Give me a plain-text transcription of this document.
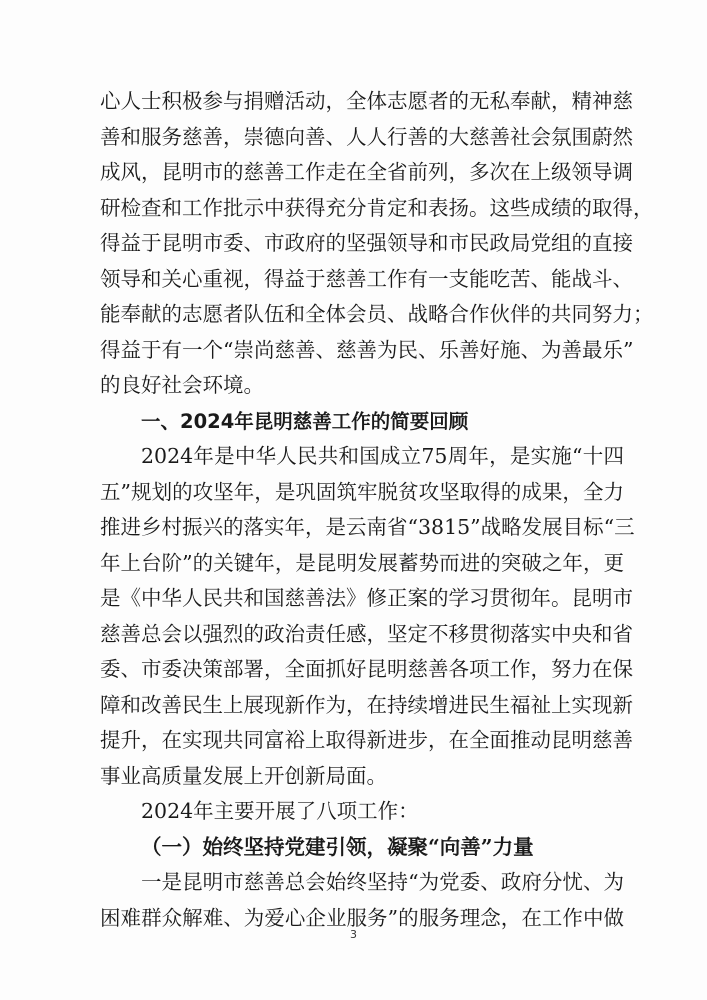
心人士积极参与捐赠活动，全体志愿者的无私奉献，精神慈
善和服务慈善，崇德向善、人人行善的大慈善社会氛围蔚然
成风，昆明市的慈善工作走在全省前列，多次在上级领导调
研检查和工作批示中获得充分肯定和表扬。这些成绩的取得，
得益于昆明市委、市政府的坚强领导和市民政局党组的直接
领导和关心重视，得益于慈善工作有一支能吃苦、能战斗、
能奉献的志愿者队伍和全体会员、战略合作伙伴的共同努力；
得益于有一个“崇尚慈善、慈善为民、乐善好施、为善最乐”
的良好社会环境。
一、2024年昆明慈善工作的简要回顾
2024年是中华人民共和国成立75周年，是实施“十四
五”规划的攻坚年，是巩固筑牢脱贫攻坚取得的成果，全力
推进乡村振兴的落实年，是云南省“3815”战略发展目标“三
年上台阶”的关键年，是昆明发展蓄势而进的突破之年，更
是《中华人民共和国慈善法》修正案的学习贯彻年。昆明市
慈善总会以强烈的政治责任感，坚定不移贯彻落实中央和省
委、市委决策部署，全面抓好昆明慈善各项工作，努力在保
障和改善民生上展现新作为，在持续增进民生福祉上实现新
提升，在实现共同富裕上取得新进步，在全面推动昆明慈善
事业高质量发展上开创新局面。
2024年主要开展了八项工作：
（一）始终坚持党建引领，凝聚“向善”力量
一是昆明市慈善总会始终坚持“为党委、政府分忧、为
困难群众解难、为爱心企业服务”的服务理念，在工作中做
3
